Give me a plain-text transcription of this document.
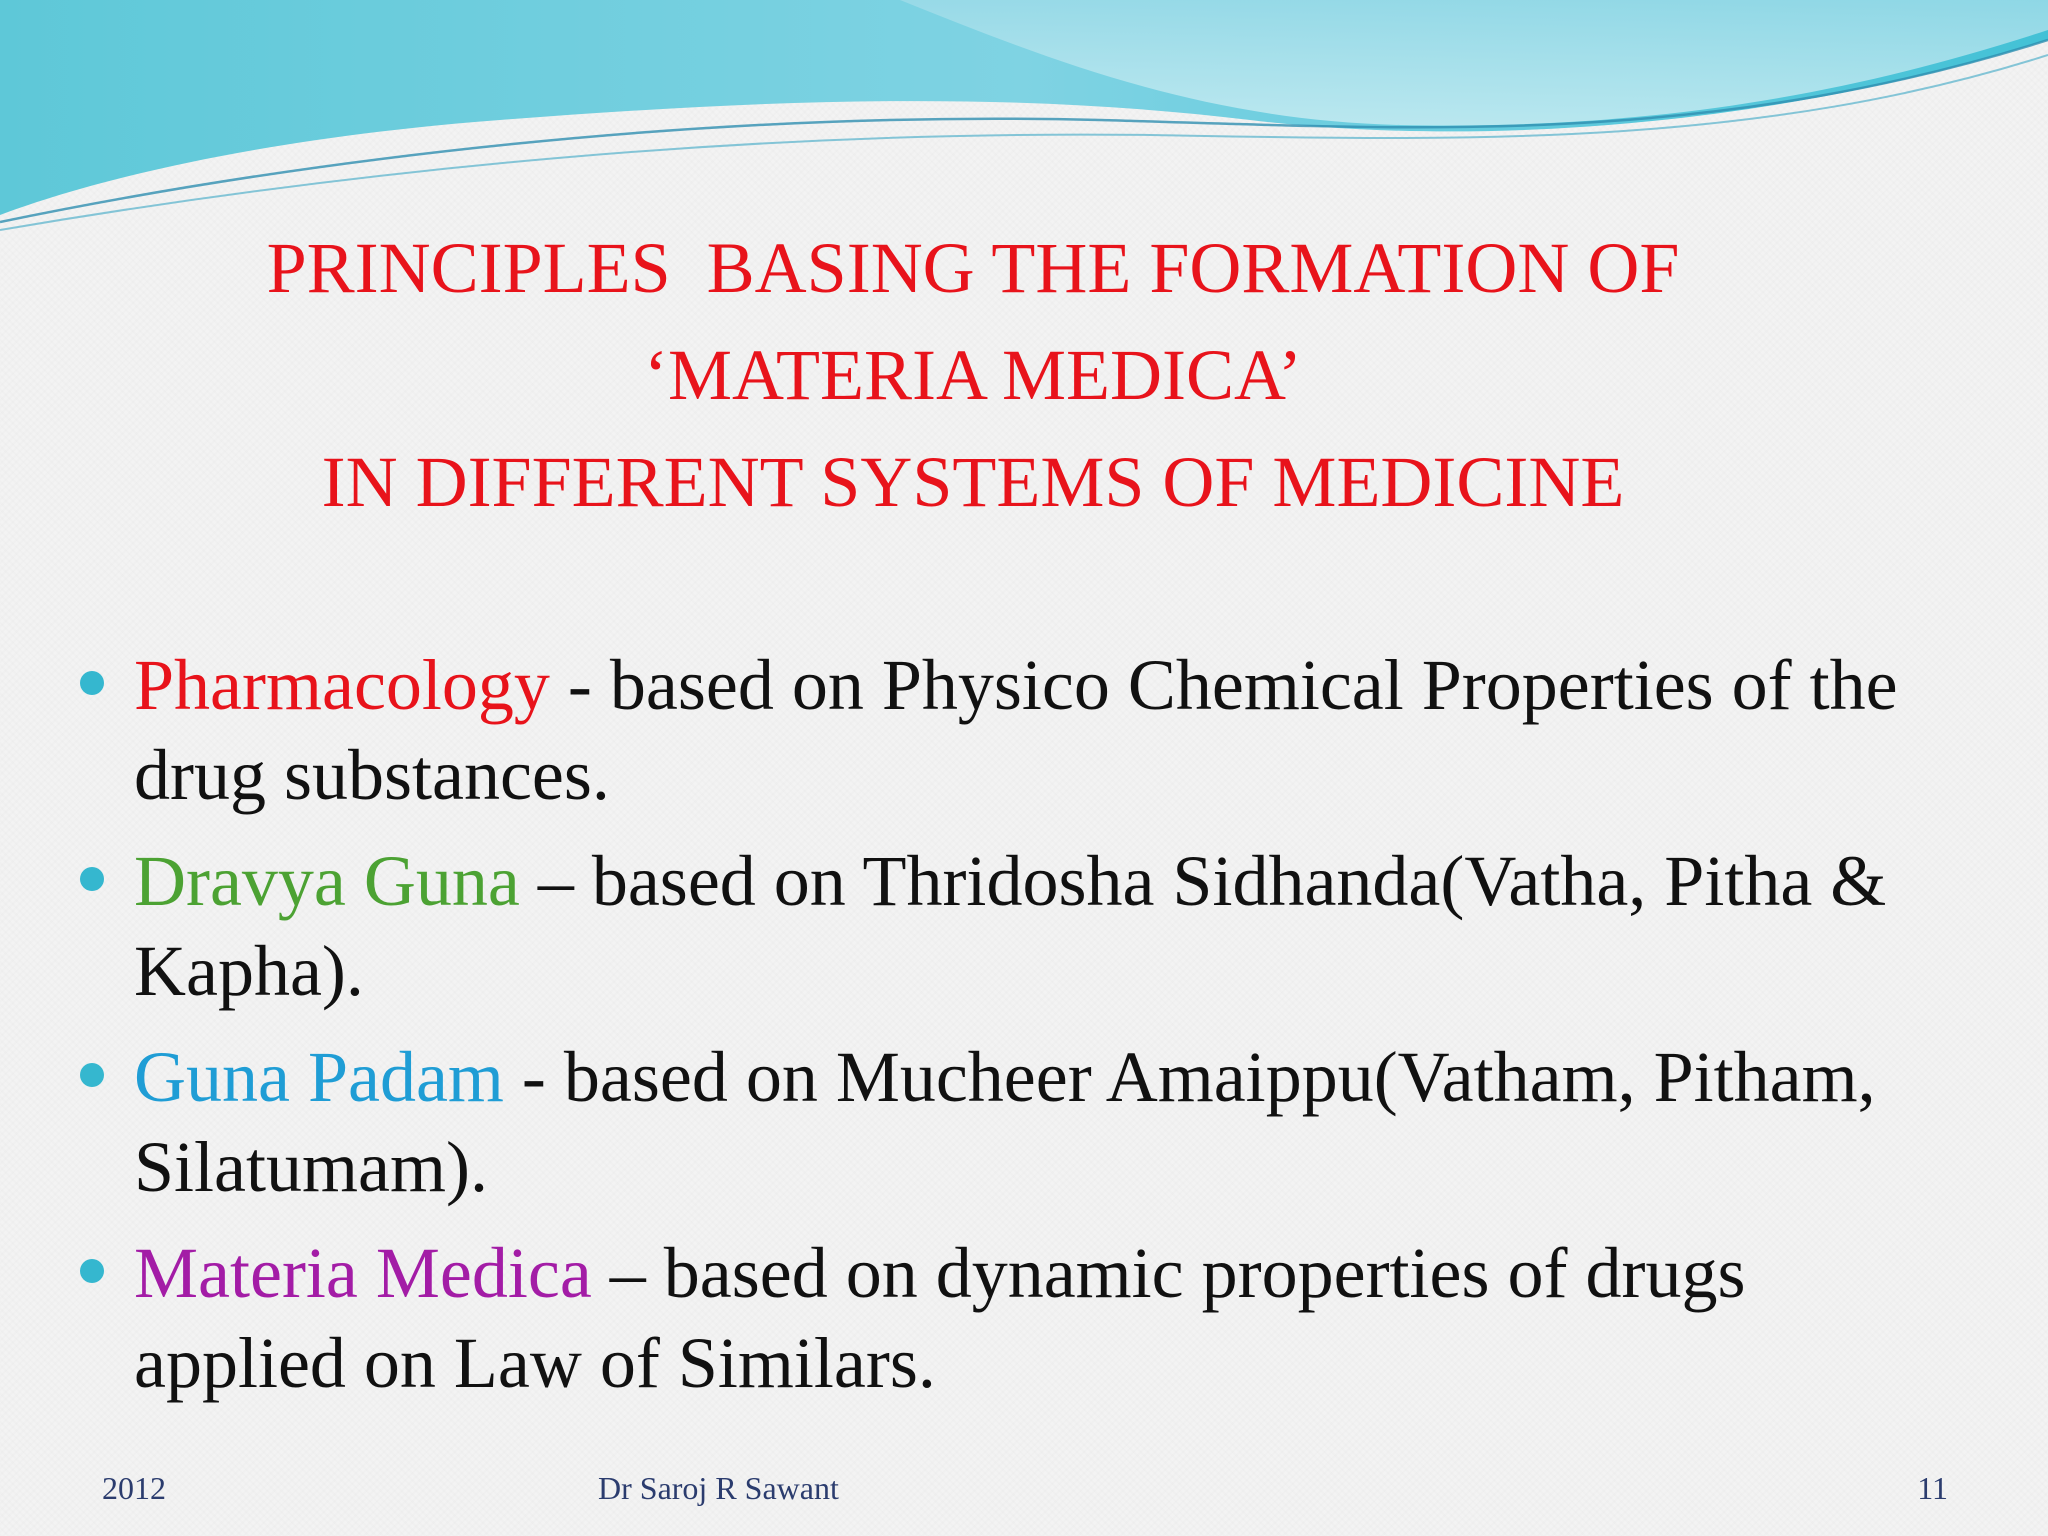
PRINCIPLES  BASING THE FORMATION OF
‘MATERIA MEDICA’
IN DIFFERENT SYSTEMS OF MEDICINE
Pharmacology - based on Physico Chemical Properties of the drug substances.
Dravya Guna – based on Thridosha Sidhanda(Vatha, Pitha & Kapha).
Guna Padam - based on Mucheer Amaippu(Vatham, Pitham, Silatumam).
Materia Medica – based on dynamic properties of drugs applied on Law of Similars.
2012	Dr Saroj R Sawant	11
